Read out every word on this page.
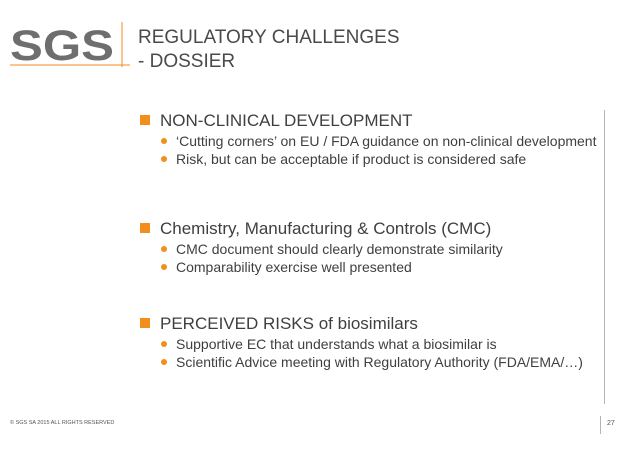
SGS REGULATORY CHALLENGES
- DOSSIER
NON-CLINICAL DEVELOPMENT
‘Cutting corners’ on EU / FDA guidance on non-clinical development
Risk, but can be acceptable if product is considered safe
Chemistry, Manufacturing & Controls (CMC)
CMC document should clearly demonstrate similarity
Comparability exercise well presented
PERCEIVED RISKS of biosimilars
Supportive EC that understands what a biosimilar is
Scientific Advice meeting with Regulatory Authority (FDA/EMA/…)
© SGS SA 2015 ALL RIGHTS RESERVED	27
